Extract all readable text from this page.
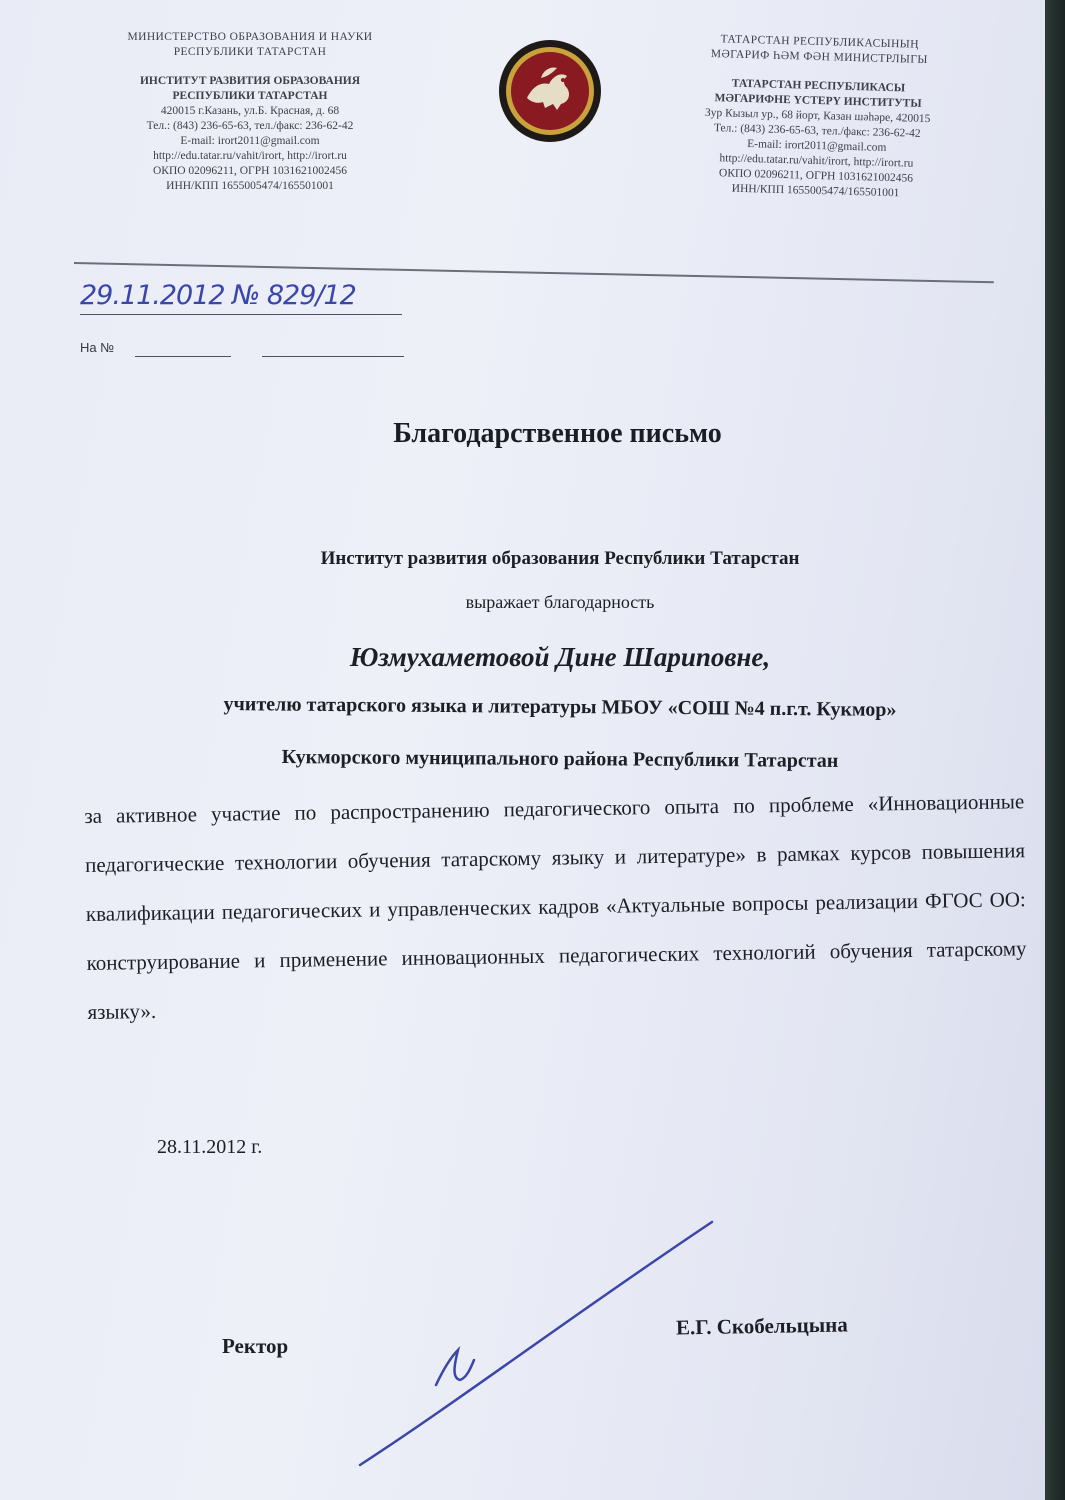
МИНИСТЕРСТВО ОБРАЗОВАНИЯ И НАУКИ
РЕСПУБЛИКИ ТАТАРСТАН
ИНСТИТУТ РАЗВИТИЯ ОБРАЗОВАНИЯ
РЕСПУБЛИКИ ТАТАРСТАН
420015 г.Казань, ул.Б. Красная, д. 68
Тел.: (843) 236-65-63, тел./факс: 236-62-42
E-mail: irort2011@gmail.com
http://edu.tatar.ru/vahit/irort, http://irort.ru
ОКПО 02096211, ОГРН 1031621002456
ИНН/КПП 1655005474/165501001
ТАТАРСТАН РЕСПУБЛИКАСЫНЫҢ
МӘГАРИФ ҺӘМ ФӘН МИНИСТРЛЫГЫ
ТАТАРСТАН РЕСПУБЛИКАСЫ
МӘГАРИФНЕ ҮСТЕРҮ ИНСТИТУТЫ
Зур Кызыл ур., 68 йорт, Казан шәһәре, 420015
Тел.: (843) 236-65-63, тел./факс: 236-62-42
E-mail: irort2011@gmail.com
http://edu.tatar.ru/vahit/irort, http://irort.ru
ОКПО 02096211, ОГРН 1031621002456
ИНН/КПП 1655005474/165501001
29.11.2012 № 829/12
На №
Благодарственное письмо
Институт развития образования Республики Татарстан
выражает благодарность
Юзмухаметовой Дине Шариповне,
учителю татарского языка и литературы МБОУ «СОШ №4 п.г.т. Кукмор»
Кукморского муниципального района Республики Татарстан
за активное участие по распространению педагогического опыта по проблеме «Инновационные педагогические технологии обучения татарскому языку и литературе» в рамках курсов повышения квалификации педагогических и управленческих кадров «Актуальные вопросы реализации ФГОС ОО: конструирование и применение инновационных педагогических технологий обучения татарскому языку».
28.11.2012 г.
Ректор
Е.Г. Скобельцына
